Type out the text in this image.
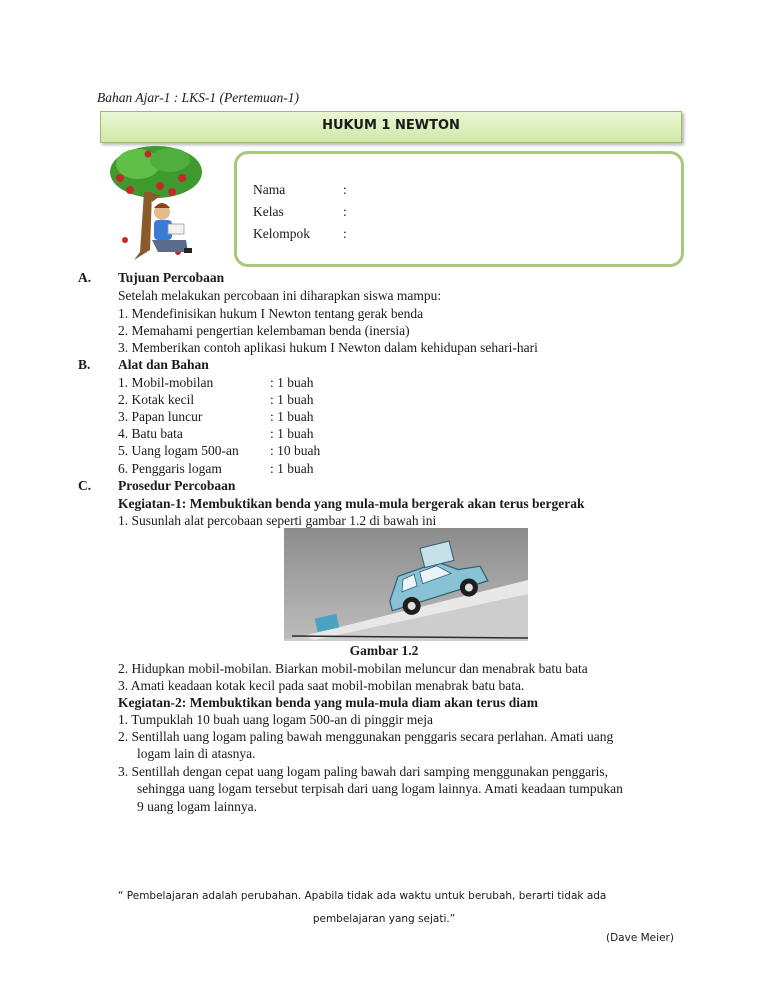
Bahan Ajar-1 : LKS-1 (Pertemuan-1)
HUKUM 1 NEWTON
Nama	:
Kelas	:
Kelompok :
A. Tujuan Percobaan
Setelah melakukan percobaan ini diharapkan siswa mampu:
1. Mendefinisikan hukum I Newton tentang gerak benda
2. Memahami pengertian kelembaman benda (inersia)
3. Memberikan contoh aplikasi hukum I Newton dalam kehidupan sehari-hari
B. Alat dan Bahan
1. Mobil-mobilan	: 1 buah
2. Kotak kecil	: 1 buah
3. Papan luncur	: 1 buah
4. Batu bata	: 1 buah
5. Uang logam 500-an : 10 buah
6. Penggaris logam	: 1 buah
C. Prosedur Percobaan
Kegiatan-1: Membuktikan benda yang mula-mula bergerak akan terus bergerak
1. Susunlah alat percobaan seperti gambar 1.2 di bawah ini
Gambar 1.2
2. Hidupkan mobil-mobilan. Biarkan mobil-mobilan meluncur dan menabrak batu bata
3. Amati keadaan kotak kecil pada saat mobil-mobilan menabrak batu bata.
Kegiatan-2: Membuktikan benda yang mula-mula diam akan terus diam
1. Tumpuklah 10 buah uang logam 500-an di pinggir meja
2. Sentillah uang logam paling bawah menggunakan penggaris secara perlahan. Amati uang
logam lain di atasnya.
3. Sentillah dengan cepat uang logam paling bawah dari samping menggunakan penggaris,
sehingga uang logam tersebut terpisah dari uang logam lainnya. Amati keadaan tumpukan
9 uang logam lainnya.
“ Pembelajaran adalah perubahan. Apabila tidak ada waktu untuk berubah, berarti tidak ada
pembelajaran yang sejati.”
(Dave Meier)
